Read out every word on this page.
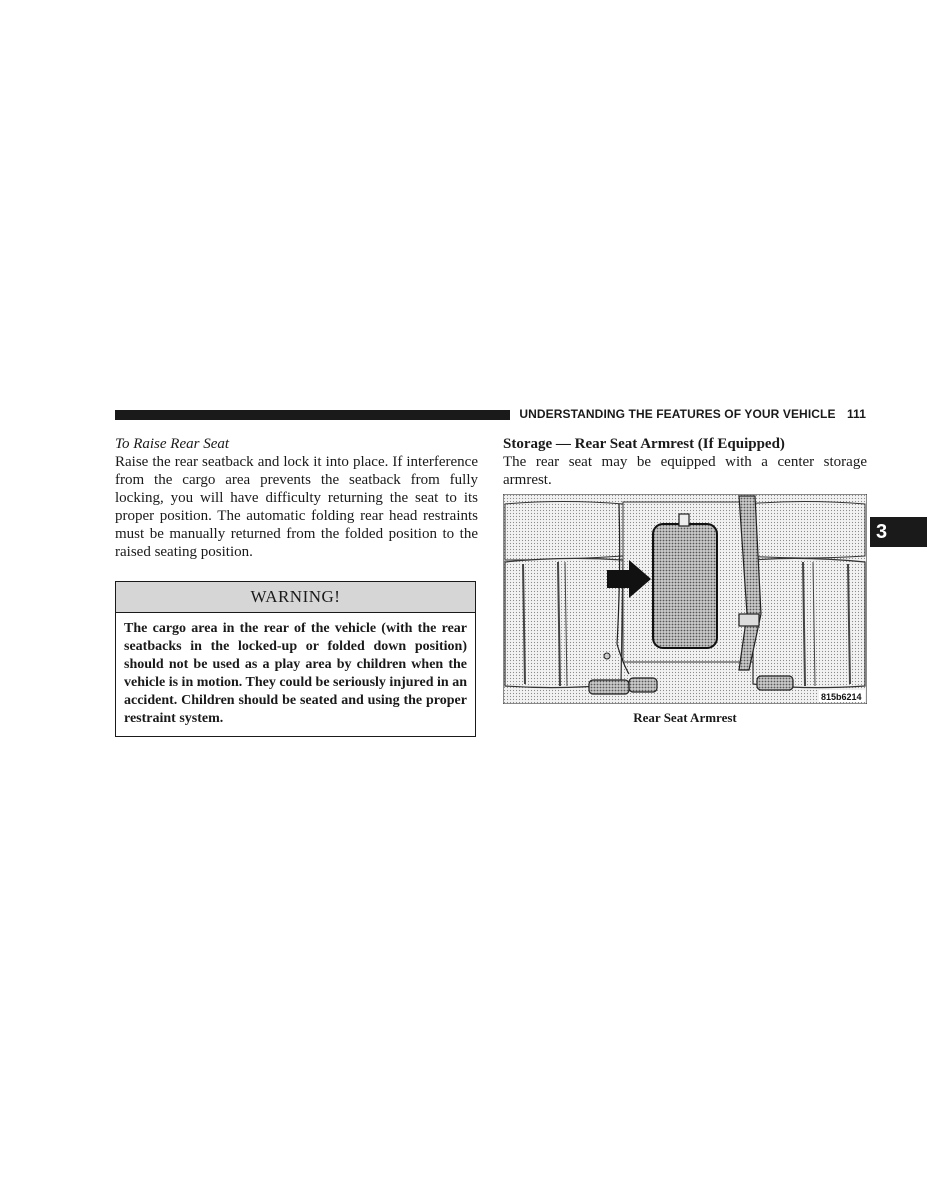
UNDERSTANDING THE FEATURES OF YOUR VEHICLE 111

To Raise Rear Seat

Raise the rear seatback and lock it into place. If interference from the cargo area prevents the seatback from fully locking, you will have difficulty returning the seat to its proper position. The automatic folding rear head restraints must be manually returned from the folded position to the raised seating position.

WARNING!
The cargo area in the rear of the vehicle (with the rear seatbacks in the locked-up or folded down position) should not be used as a play area by children when the vehicle is in motion. They could be seriously injured in an accident. Children should be seated and using the proper restraint system.

Storage — Rear Seat Armrest (If Equipped)

The rear seat may be equipped with a center storage armrest.

815b6214
Rear Seat Armrest
3
